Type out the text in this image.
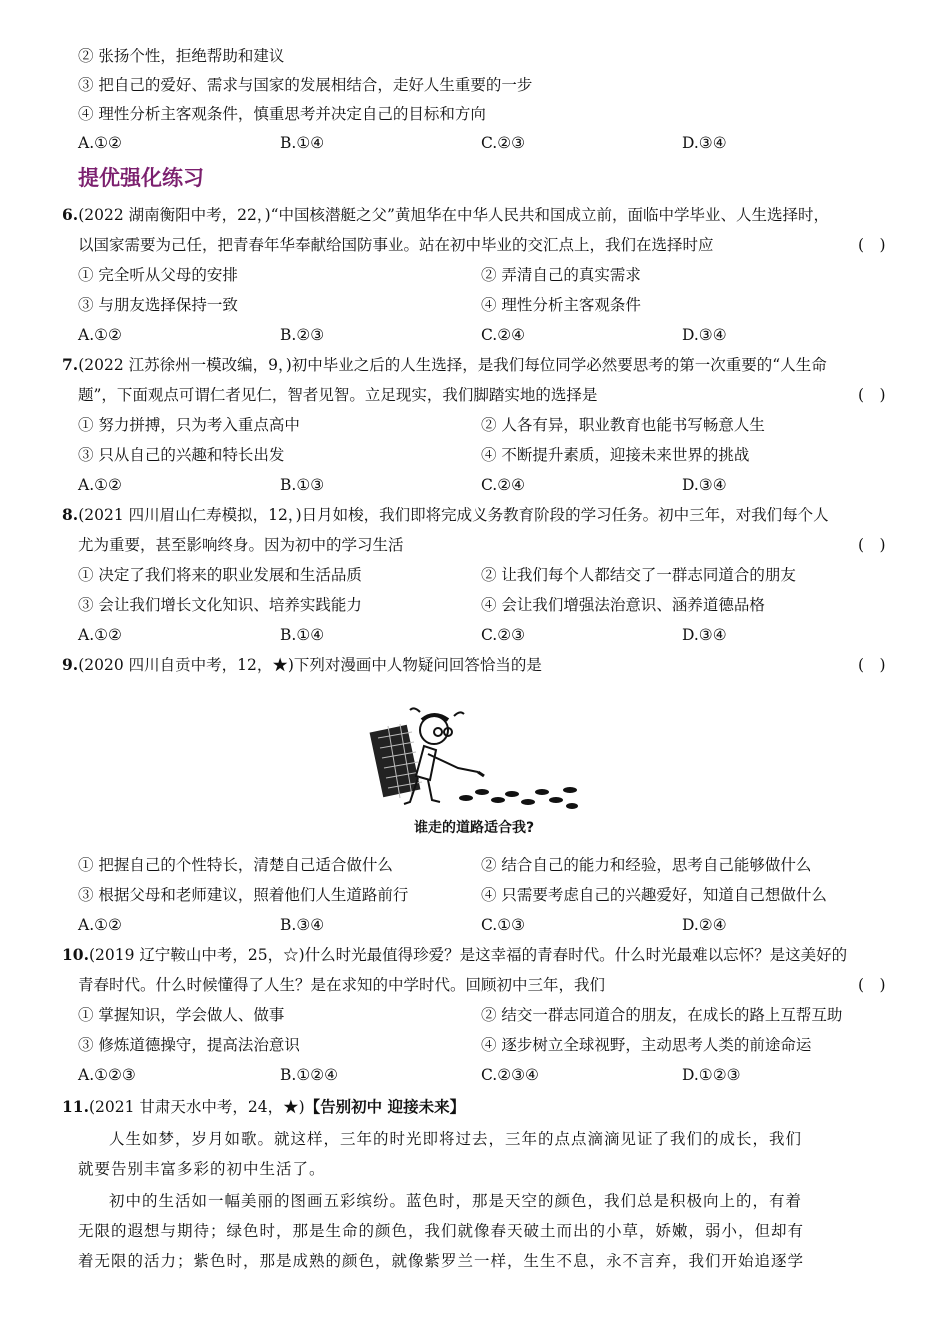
② 张扬个性，拒绝帮助和建议
③ 把自己的爱好、需求与国家的发展相结合，走好人生重要的一步
④ 理性分析主客观条件，慎重思考并决定自己的目标和方向
A.①②	B.①④	C.②③	D.③④
提优强化练习
6.(2022 湖南衡阳中考，22，)“中国核潜艇之父”黄旭华在中华人民共和国成立前，面临中学毕业、人生选择时，
以国家需要为己任，把青春年华奉献给国防事业。站在初中毕业的交汇点上，我们在选择时应	(　)
① 完全听从父母的安排	② 弄清自己的真实需求
③ 与朋友选择保持一致	④ 理性分析主客观条件
A.①②	B.②③	C.②④	D.③④
7.(2022 江苏徐州一模改编，9，)初中毕业之后的人生选择，是我们每位同学必然要思考的第一次重要的“人生命
题”，下面观点可谓仁者见仁，智者见智。立足现实，我们脚踏实地的选择是	(　)
① 努力拼搏，只为考入重点高中	② 人各有异，职业教育也能书写畅意人生
③ 只从自己的兴趣和特长出发	④ 不断提升素质，迎接未来世界的挑战
A.①②	B.①③	C.②④	D.③④
8.(2021 四川眉山仁寿模拟，12，)日月如梭，我们即将完成义务教育阶段的学习任务。初中三年，对我们每个人
尤为重要，甚至影响终身。因为初中的学习生活	(　)
① 决定了我们将来的职业发展和生活品质	② 让我们每个人都结交了一群志同道合的朋友
③ 会让我们增长文化知识、培养实践能力	④ 会让我们增强法治意识、涵养道德品格
A.①②	B.①④	C.②③	D.③④
9.(2020 四川自贡中考，12，★)下列对漫画中人物疑问回答恰当的是	(　)
谁走的道路适合我?
① 把握自己的个性特长，清楚自己适合做什么	② 结合自己的能力和经验，思考自己能够做什么
③ 根据父母和老师建议，照着他们人生道路前行	④ 只需要考虑自己的兴趣爱好，知道自己想做什么
A.①②	B.③④	C.①③	D.②④
10.(2019 辽宁鞍山中考，25，☆)什么时光最值得珍爱？是这幸福的青春时代。什么时光最难以忘怀？是这美好的
青春时代。什么时候懂得了人生？是在求知的中学时代。回顾初中三年，我们	(　)
① 掌握知识，学会做人、做事	② 结交一群志同道合的朋友，在成长的路上互帮互助
③ 修炼道德操守，提高法治意识	④ 逐步树立全球视野，主动思考人类的前途命运
A.①②③	B.①②④	C.②③④	D.①②③
11.(2021 甘肃天水中考，24，★)【告别初中 迎接未来】
人生如梦，岁月如歌。就这样，三年的时光即将过去，三年的点点滴滴见证了我们的成长，我们
就要告别丰富多彩的初中生活了。
初中的生活如一幅美丽的图画五彩缤纷。蓝色时，那是天空的颜色，我们总是积极向上的，有着
无限的遐想与期待；绿色时，那是生命的颜色，我们就像春天破土而出的小草，娇嫩，弱小，但却有
着无限的活力；紫色时，那是成熟的颜色，就像紫罗兰一样，生生不息，永不言弃，我们开始追逐学
